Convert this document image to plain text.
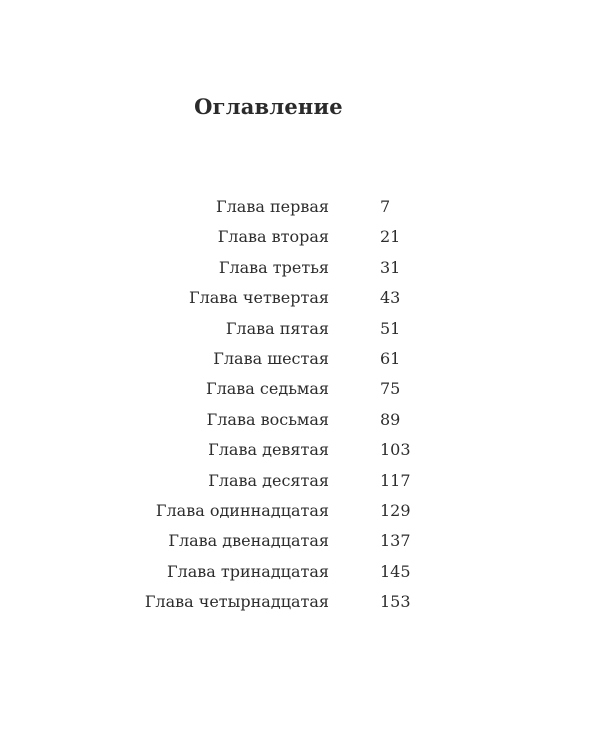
Оглавление
Глава первая	7
Глава вторая	21
Глава третья	31
Глава четвертая	43
Глава пятая	51
Глава шестая	61
Глава седьмая	75
Глава восьмая	89
Глава девятая	103
Глава десятая	117
Глава одиннадцатая	129
Глава двенадцатая	137
Глава тринадцатая	145
Глава четырнадцатая	153
